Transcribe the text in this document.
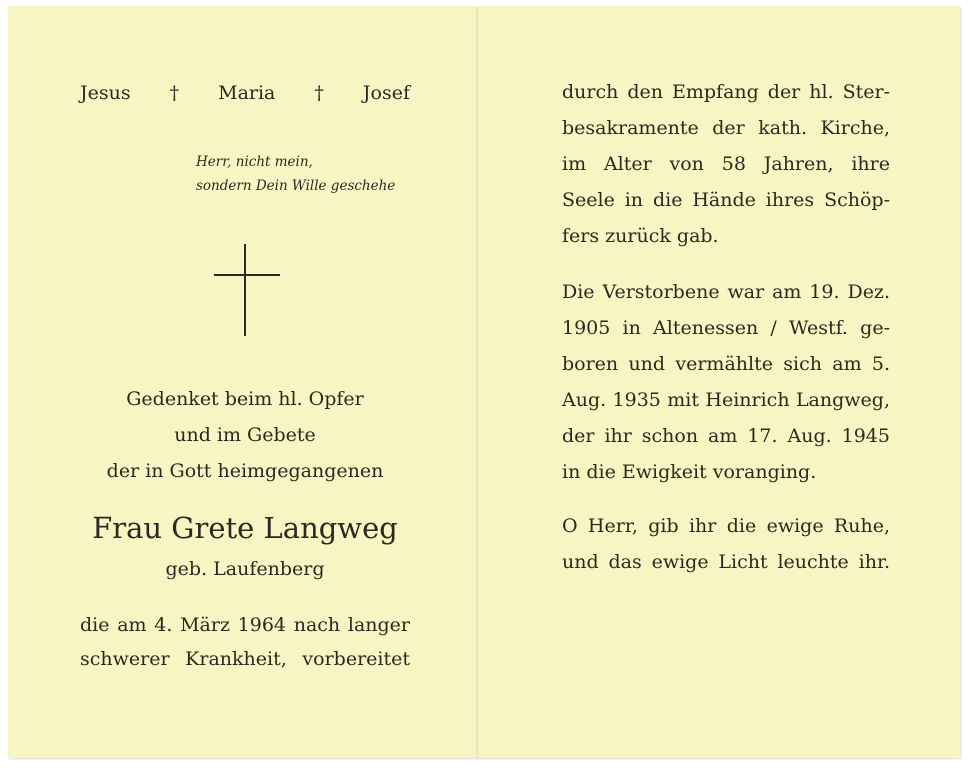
Jesus † Maria † Josef
Herr, nicht mein,
sondern Dein Wille geschehe
Gedenket beim hl. Opfer
und im Gebete
der in Gott heimgegangenen
Frau Grete Langweg
geb. Laufenberg
die am 4. März 1964 nach langer
schwerer Krankheit, vorbereitet
durch den Empfang der hl. Ster-
besakramente der kath. Kirche,
im Alter von 58 Jahren, ihre
Seele in die Hände ihres Schöp-
fers zurück gab.
Die Verstorbene war am 19. Dez.
1905 in Altenessen / Westf. ge-
boren und vermählte sich am 5.
Aug. 1935 mit Heinrich Langweg,
der ihr schon am 17. Aug. 1945
in die Ewigkeit voranging.
O Herr, gib ihr die ewige Ruhe,
und das ewige Licht leuchte ihr.
